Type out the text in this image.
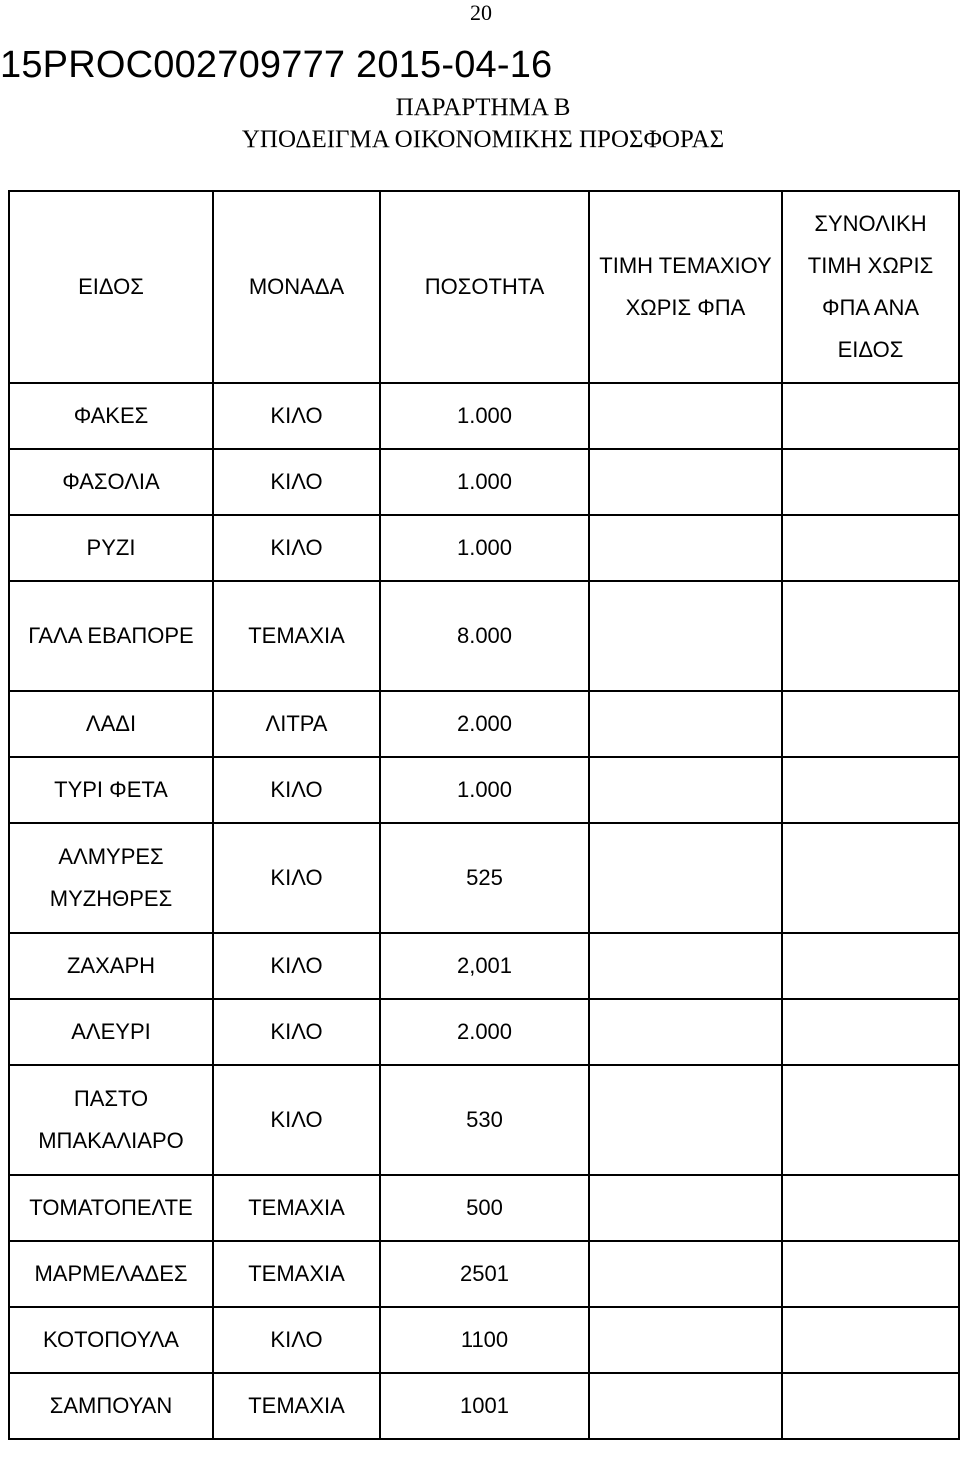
20
15PROC002709777 2015-04-16
ΠΑΡΑΡΤΗΜΑ Β
ΥΠΟΔΕΙΓΜΑ ΟΙΚΟΝΟΜΙΚΗΣ ΠΡΟΣΦΟΡΑΣ
ΕΙΔΟΣ	ΜΟΝΑΔΑ	ΠΟΣΟΤΗΤΑ	ΤΙΜΗ ΤΕΜΑΧΙΟΥ ΧΩΡΙΣ ΦΠΑ	ΣΥΝΟΛΙΚΗ ΤΙΜΗ ΧΩΡΙΣ ΦΠΑ ΑΝΑ ΕΙΔΟΣ
ΦΑΚΕΣ	ΚΙΛΟ	1.000		
ΦΑΣΟΛΙΑ	ΚΙΛΟ	1.000		
ΡΥΖΙ	ΚΙΛΟ	1.000		
ΓΑΛΑ ΕΒΑΠΟΡΕ	ΤΕΜΑΧΙΑ	8.000		
ΛΑΔΙ	ΛΙΤΡΑ	2.000		
ΤΥΡΙ ΦΕΤΑ	ΚΙΛΟ	1.000		
ΑΛΜΥΡΕΣ ΜΥΖΗΘΡΕΣ	ΚΙΛΟ	525		
ΖΑΧΑΡΗ	ΚΙΛΟ	2,001		
ΑΛΕΥΡΙ	ΚΙΛΟ	2.000		
ΠΑΣΤΟ ΜΠΑΚΑΛΙΑΡΟ	ΚΙΛΟ	530		
ΤΟΜΑΤΟΠΕΛΤΕ	ΤΕΜΑΧΙΑ	500		
ΜΑΡΜΕΛΑΔΕΣ	ΤΕΜΑΧΙΑ	2501		
ΚΟΤΟΠΟΥΛΑ	ΚΙΛΟ	1100		
ΣΑΜΠΟΥΑΝ	ΤΕΜΑΧΙΑ	1001		
